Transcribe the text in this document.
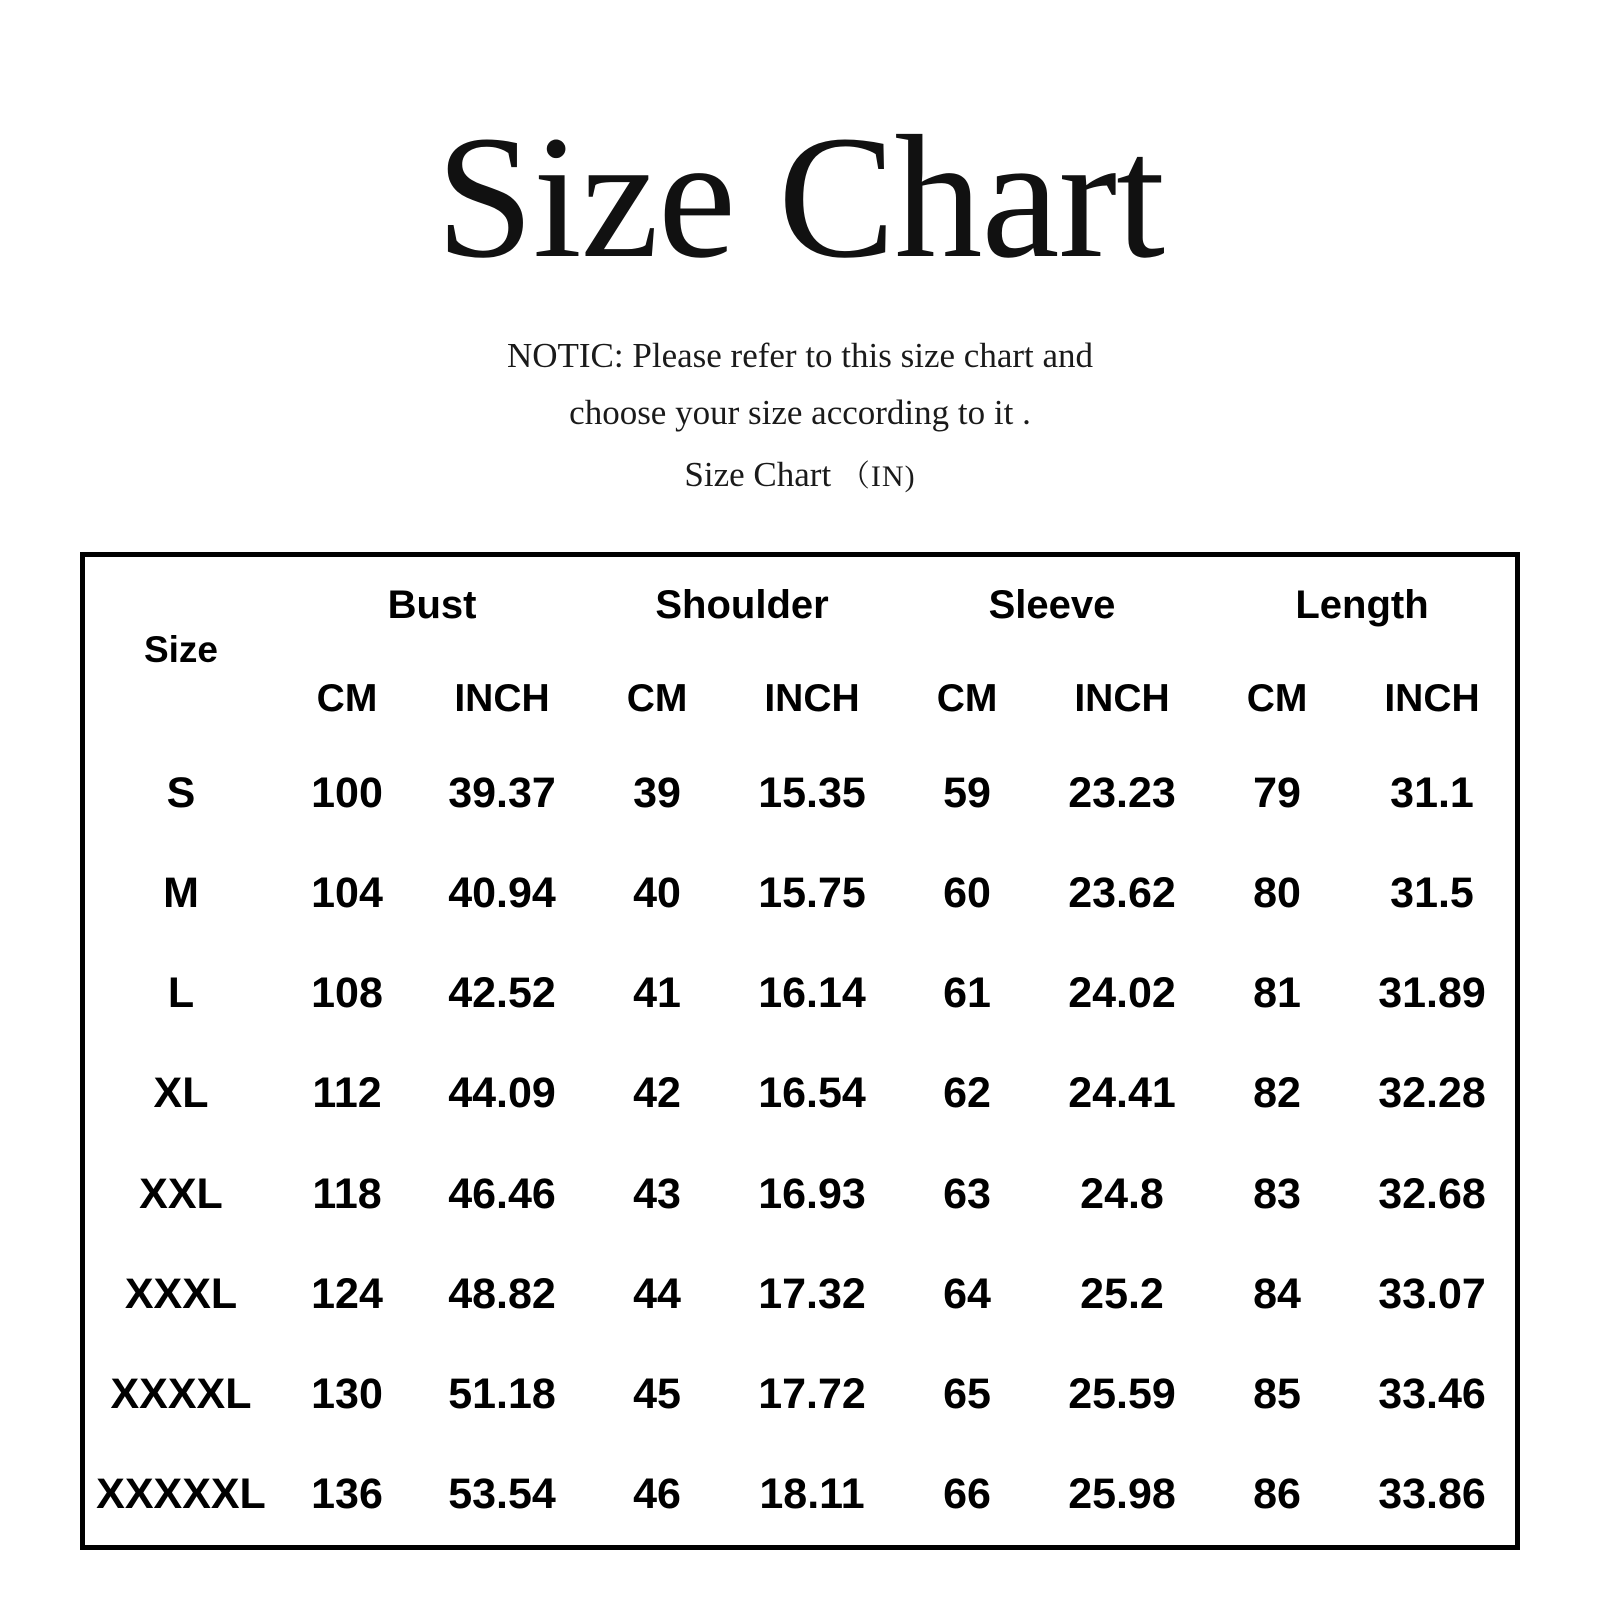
Size Chart
NOTIC: Please refer to this size chart and
choose your size according to it .
Size Chart （IN)
Size	Bust		Shoulder		Sleeve		Length	
	CM	INCH	CM	INCH	CM	INCH	CM	INCH
S	100	39.37	39	15.35	59	23.23	79	31.1
M	104	40.94	40	15.75	60	23.62	80	31.5
L	108	42.52	41	16.14	61	24.02	81	31.89
XL	112	44.09	42	16.54	62	24.41	82	32.28
XXL	118	46.46	43	16.93	63	24.8	83	32.68
XXXL	124	48.82	44	17.32	64	25.2	84	33.07
XXXXL	130	51.18	45	17.72	65	25.59	85	33.46
XXXXXL	136	53.54	46	18.11	66	25.98	86	33.86
